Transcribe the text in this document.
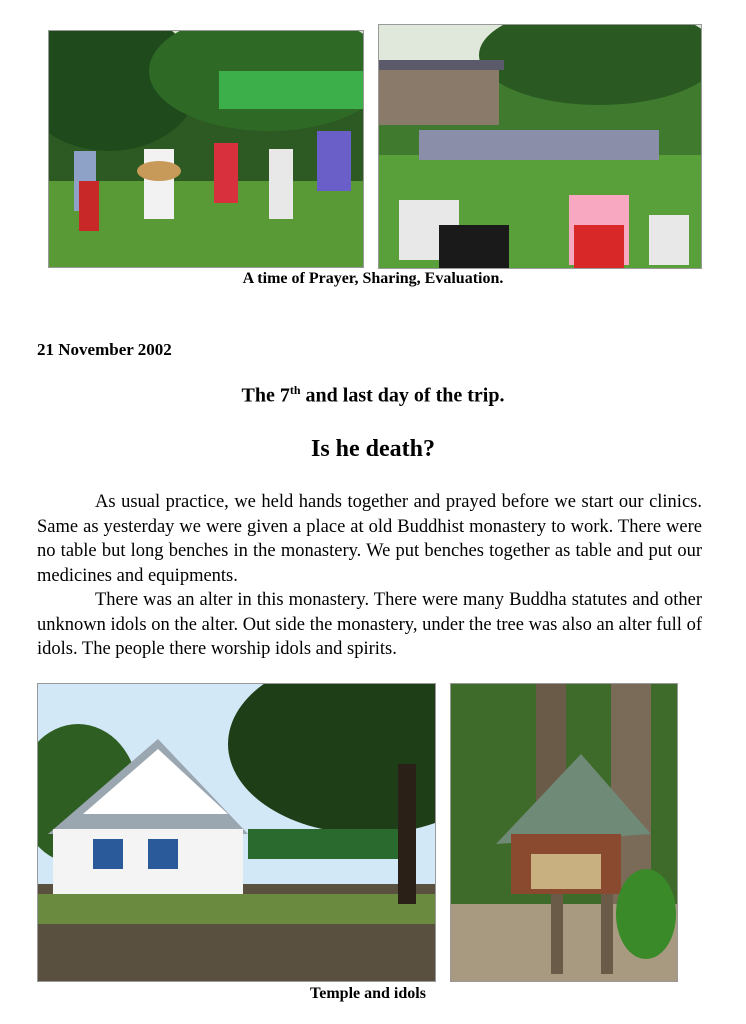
A time of Prayer, Sharing, Evaluation.
21 November 2002
The 7th and last day of the trip.
Is he death?

As usual practice, we held hands together and prayed before we start our clinics. Same as yesterday we were given a place at old Buddhist monastery to work. There were no table but long benches in the monastery. We put benches together as table and put our medicines and equipments.

There was an alter in this monastery. There were many Buddha statutes and other unknown idols on the alter. Out side the monastery, under the tree was also an alter full of idols. The people there worship idols and spirits.

Temple and idols
